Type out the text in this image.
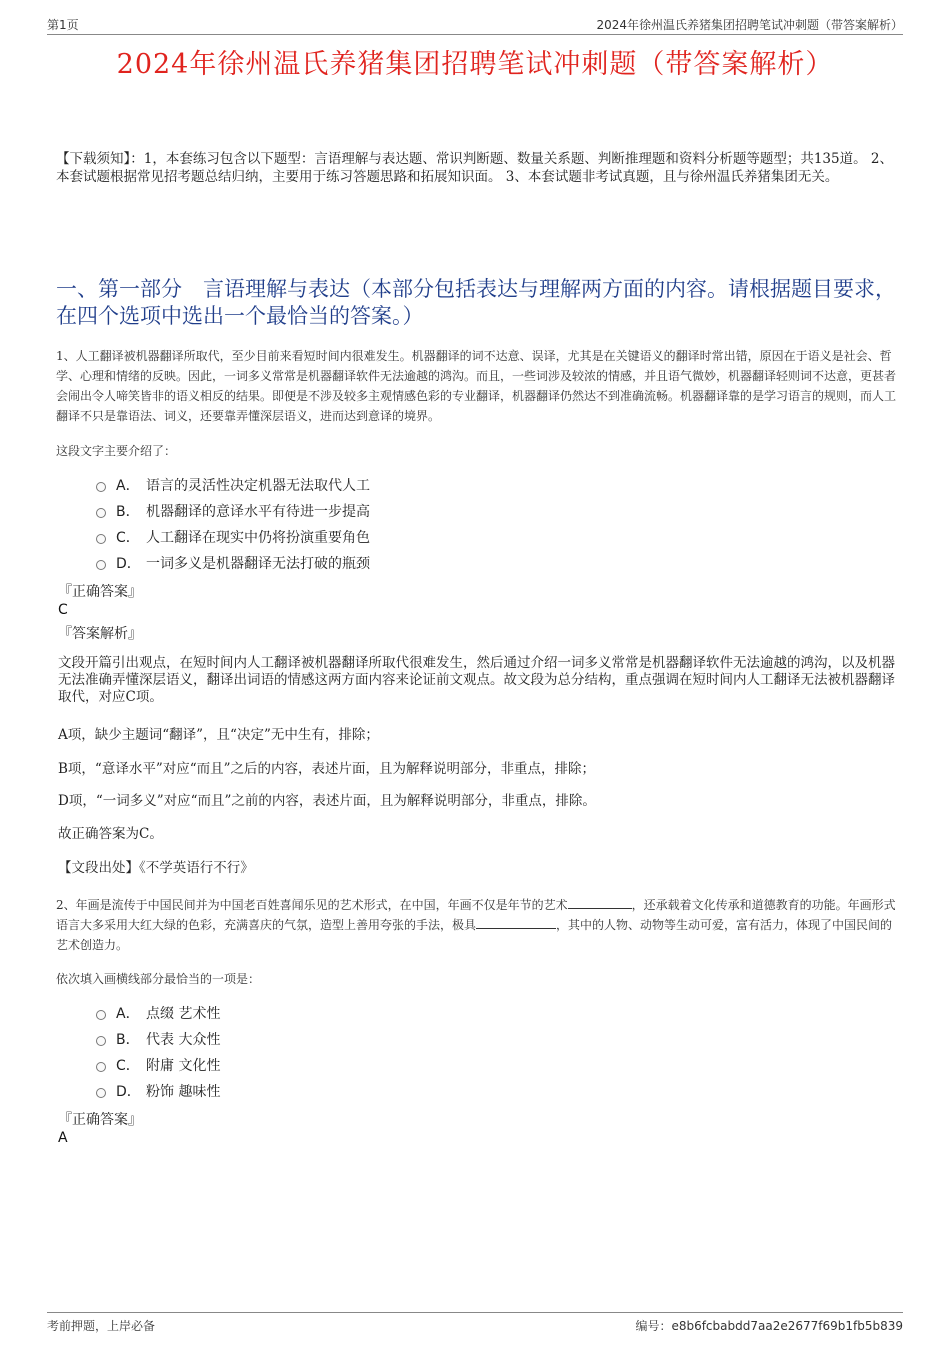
第1页	2024年徐州温氏养猪集团招聘笔试冲刺题（带答案解析）
2024年徐州温氏养猪集团招聘笔试冲刺题（带答案解析）
【下载须知】：1，本套练习包含以下题型：言语理解与表达题、常识判断题、数量关系题、判断推理题和资料分析题等题型；共135道。 2、本套试题根据常见招考题总结归纳，主要用于练习答题思路和拓展知识面。 3、本套试题非考试真题，且与徐州温氏养猪集团无关。
一、第一部分　言语理解与表达（本部分包括表达与理解两方面的内容。请根据题目要求，在四个选项中选出一个最恰当的答案。）
1、人工翻译被机器翻译所取代，至少目前来看短时间内很难发生。机器翻译的词不达意、误译，尤其是在关键语义的翻译时常出错，原因在于语义是社会、哲学、心理和情绪的反映。因此，一词多义常常是机器翻译软件无法逾越的鸿沟。而且，一些词涉及较浓的情感，并且语气微妙，机器翻译轻则词不达意，更甚者会闹出令人啼笑皆非的语义相反的结果。即便是不涉及较多主观情感色彩的专业翻译，机器翻译仍然达不到准确流畅。机器翻译靠的是学习语言的规则，而人工翻译不只是靠语法、词义，还要靠弄懂深层语义，进而达到意译的境界。
这段文字主要介绍了：
A． 语言的灵活性决定机器无法取代人工
B． 机器翻译的意译水平有待进一步提高
C． 人工翻译在现实中仍将扮演重要角色
D． 一词多义是机器翻译无法打破的瓶颈
『正确答案』
C
『答案解析』
文段开篇引出观点，在短时间内人工翻译被机器翻译所取代很难发生，然后通过介绍一词多义常常是机器翻译软件无法逾越的鸿沟，以及机器无法准确弄懂深层语义，翻译出词语的情感这两方面内容来论证前文观点。故文段为总分结构，重点强调在短时间内人工翻译无法被机器翻译取代，对应C项。
A项，缺少主题词“翻译”，且“决定”无中生有，排除；
B项，“意译水平”对应“而且”之后的内容，表述片面，且为解释说明部分，非重点，排除；
D项，“一词多义”对应“而且”之前的内容，表述片面，且为解释说明部分，非重点，排除。
故正确答案为C。
【文段出处】《不学英语行不行》
2、年画是流传于中国民间并为中国老百姓喜闻乐见的艺术形式，在中国，年画不仅是年节的艺术	，还承载着文化传承和道德教育的功能。年画形式语言大多采用大红大绿的色彩，充满喜庆的气氛，造型上善用夸张的手法，极具	，其中的人物、动物等生动可爱，富有活力，体现了中国民间的艺术创造力。
依次填入画横线部分最恰当的一项是：
A． 点缀 艺术性
B． 代表 大众性
C． 附庸 文化性
D． 粉饰 趣味性
『正确答案』
A
考前押题，上岸必备	编号：e8b6fcbabdd7aa2e2677f69b1fb5b839
